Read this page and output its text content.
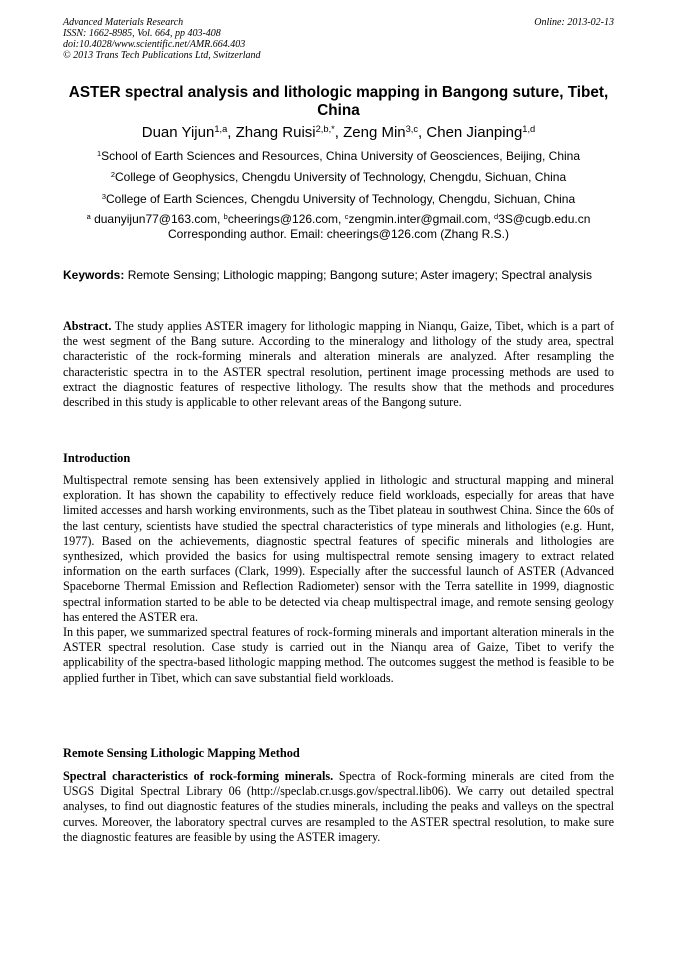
Advanced Materials Research
ISSN: 1662-8985, Vol. 664, pp 403-408
doi:10.4028/www.scientific.net/AMR.664.403
© 2013 Trans Tech Publications Ltd, Switzerland
Online: 2013-02-13
ASTER spectral analysis and lithologic mapping in Bangong suture, Tibet, China
Duan Yijun$^{1,a}$, Zhang Ruisi$^{2,b,*}$, Zeng Min$^{3,c}$, Chen Jianping$^{1,d}$
$^1$School of Earth Sciences and Resources, China University of Geosciences, Beijing, China
$^2$College of Geophysics, Chengdu University of Technology, Chengdu, Sichuan, China
$^3$College of Earth Sciences, Chengdu University of Technology, Chengdu, Sichuan, China
$^a$ duanyijun77@163.com, $^b$cheerings@126.com, $^c$zengmin.inter@gmail.com, $^d$3S@cugb.edu.cn
Corresponding author. Email: cheerings@126.com (Zhang R.S.)
Keywords: Remote Sensing; Lithologic mapping; Bangong suture; Aster imagery; Spectral analysis
Abstract. The study applies ASTER imagery for lithologic mapping in Nianqu, Gaize, Tibet, which is a part of the west segment of the Bang suture. According to the mineralogy and lithology of the study area, spectral characteristic of the rock-forming minerals and alteration minerals are analyzed. After resampling the characteristic spectra in to the ASTER spectral resolution, pertinent image processing methods are used to extract the diagnostic features of respective lithology. The results show that the methods and procedures described in this study is applicable to other relevant areas of the Bangong suture.
Introduction
Multispectral remote sensing has been extensively applied in lithologic and structural mapping and mineral exploration. It has shown the capability to effectively reduce field workloads, especially for areas that have limited accesses and harsh working environments, such as the Tibet plateau in southwest China. Since the 60s of the last century, scientists have studied the spectral characteristics of type minerals and lithologies (e.g. Hunt, 1977). Based on the achievements, diagnostic spectral features of specific minerals and lithologies are synthesized, which provided the basics for using multispectral remote sensing imagery to extract related information on the earth surfaces (Clark, 1999). Especially after the successful launch of ASTER (Advanced Spaceborne Thermal Emission and Reflection Radiometer) sensor with the Terra satellite in 1999, diagnostic spectral information started to be able to be detected via cheap multispectral image, and remote sensing geology has entered the ASTER era.
In this paper, we summarized spectral features of rock-forming minerals and important alteration minerals in the ASTER spectral resolution. Case study is carried out in the Nianqu area of Gaize, Tibet to verify the applicability of the spectra-based lithologic mapping method. The outcomes suggest the method is feasible to be applied further in Tibet, which can save substantial field workloads.
Remote Sensing Lithologic Mapping Method
Spectral characteristics of rock-forming minerals. Spectra of Rock-forming minerals are cited from the USGS Digital Spectral Library 06 (http://speclab.cr.usgs.gov/spectral.lib06). We carry out detailed spectral analyses, to find out diagnostic features of the studies minerals, including the peaks and valleys on the spectral curves. Moreover, the laboratory spectral curves are resampled to the ASTER spectral resolution, to make sure the diagnostic features are feasible by using the ASTER imagery.
